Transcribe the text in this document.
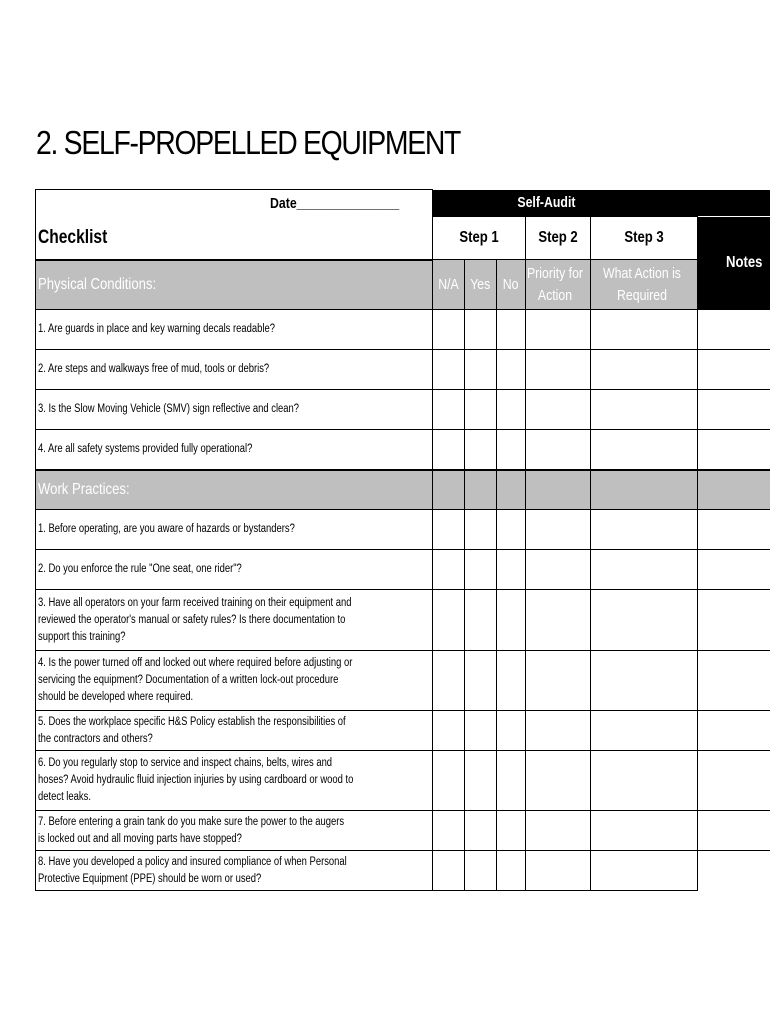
2. SELF-PROPELLED EQUIPMENT
Date_______________	Self-Audit					
Checklist	Step 1			Step 2	Step 3	Notes
Physical Conditions:	N/A	Yes	No	Priority for Action	What Action is Required	
1. Are guards in place and key warning decals readable?						
2. Are steps and walkways free of mud, tools or debris?						
3. Is the Slow Moving Vehicle (SMV) sign reflective and clean?						
4. Are all safety systems provided fully operational?						
Work Practices:						
1. Before operating, are you aware of hazards or bystanders?						
2. Do you enforce the rule "One seat, one rider"?						

3. Have all operators on your farm received training on their equipment and reviewed the operator's manual or safety rules? Is there documentation to support this training?						

4. Is the power turned off and locked out where required before adjusting or servicing the equipment? Documentation of a written lock-out procedure should be developed where required.						

5. Does the workplace specific H&S Policy establish the responsibilities of the contractors and others?						

6. Do you regularly stop to service and inspect chains, belts, wires and hoses? Avoid hydraulic fluid injection injuries by using cardboard or wood to detect leaks.						

7. Before entering a grain tank do you make sure the power to the augers is locked out and all moving parts have stopped?						

8. Have you developed a policy and insured compliance of when Personal Protective Equipment (PPE) should be worn or used?						
